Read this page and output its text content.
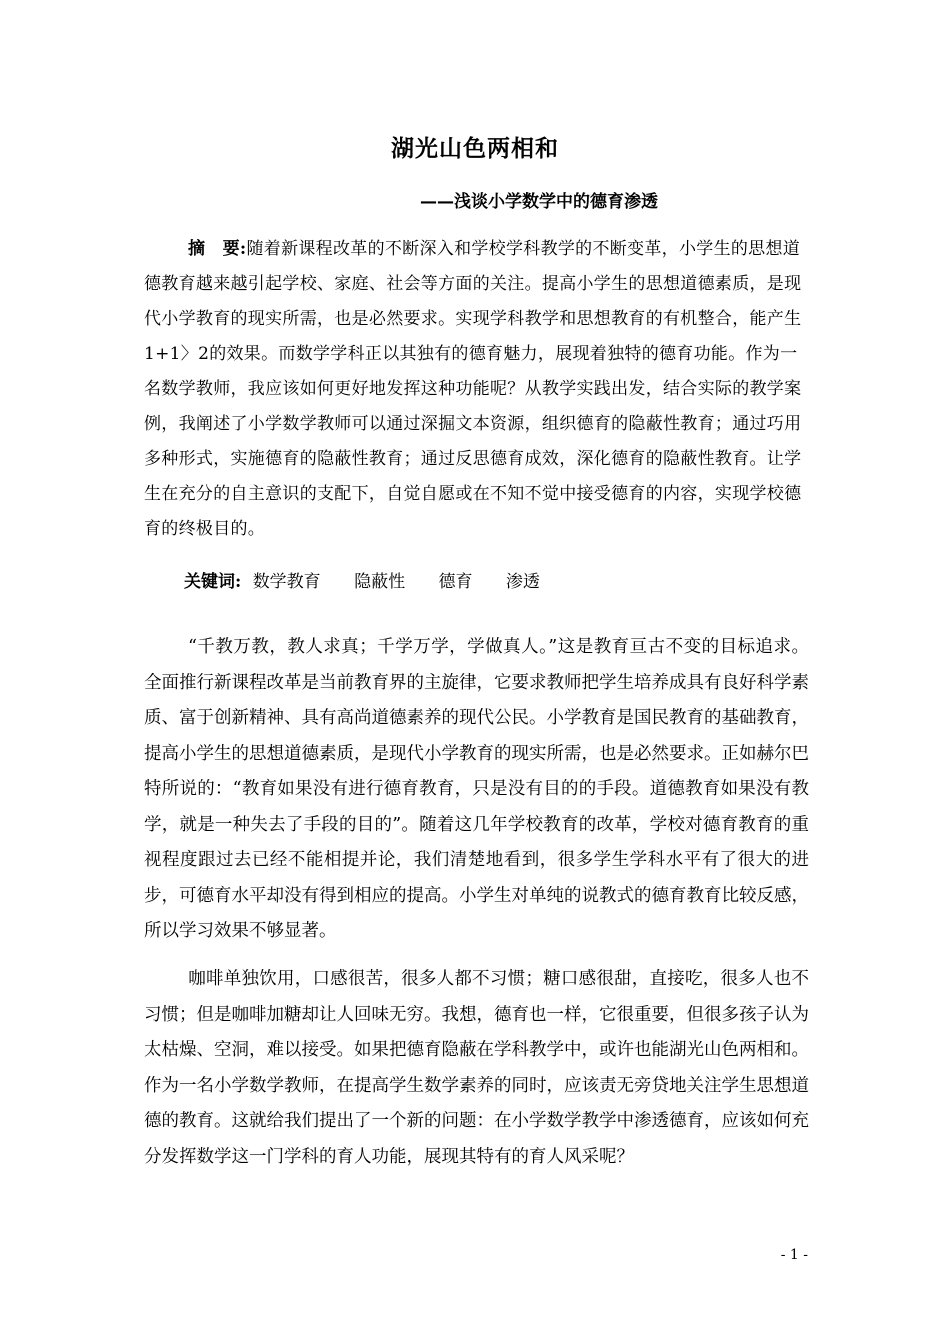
湖光山色两相和
——浅谈小学数学中的德育渗透
摘　要:随着新课程改革的不断深入和学校学科教学的不断变革，小学生的思想道德教育越来越引起学校、家庭、社会等方面的关注。提高小学生的思想道德素质，是现代小学教育的现实所需，也是必然要求。实现学科教学和思想教育的有机整合，能产生1+1〉2的效果。而数学学科正以其独有的德育魅力，展现着独特的德育功能。作为一名数学教师，我应该如何更好地发挥这种功能呢？从教学实践出发，结合实际的教学案例，我阐述了小学数学教师可以通过深掘文本资源，组织德育的隐蔽性教育；通过巧用多种形式，实施德育的隐蔽性教育；通过反思德育成效，深化德育的隐蔽性教育。让学生在充分的自主意识的支配下，自觉自愿或在不知不觉中接受德育的内容，实现学校德育的终极目的。
关键词: 数学教育 隐蔽性 德育 渗透
“千教万教，教人求真；千学万学，学做真人。”这是教育亘古不变的目标追求。全面推行新课程改革是当前教育界的主旋律，它要求教师把学生培养成具有良好科学素质、富于创新精神、具有高尚道德素养的现代公民。小学教育是国民教育的基础教育，提高小学生的思想道德素质，是现代小学教育的现实所需，也是必然要求。正如赫尔巴特所说的：“教育如果没有进行德育教育，只是没有目的的手段。道德教育如果没有教学，就是一种失去了手段的目的”。随着这几年学校教育的改革，学校对德育教育的重视程度跟过去已经不能相提并论，我们清楚地看到，很多学生学科水平有了很大的进步，可德育水平却没有得到相应的提高。小学生对单纯的说教式的德育教育比较反感，所以学习效果不够显著。
咖啡单独饮用，口感很苦，很多人都不习惯；糖口感很甜，直接吃，很多人也不习惯；但是咖啡加糖却让人回味无穷。我想，德育也一样，它很重要，但很多孩子认为太枯燥、空洞，难以接受。如果把德育隐蔽在学科教学中，或许也能湖光山色两相和。作为一名小学数学教师，在提高学生数学素养的同时，应该责无旁贷地关注学生思想道德的教育。这就给我们提出了一个新的问题：在小学数学教学中渗透德育，应该如何充分发挥数学这一门学科的育人功能，展现其特有的育人风采呢？
- 1 -
